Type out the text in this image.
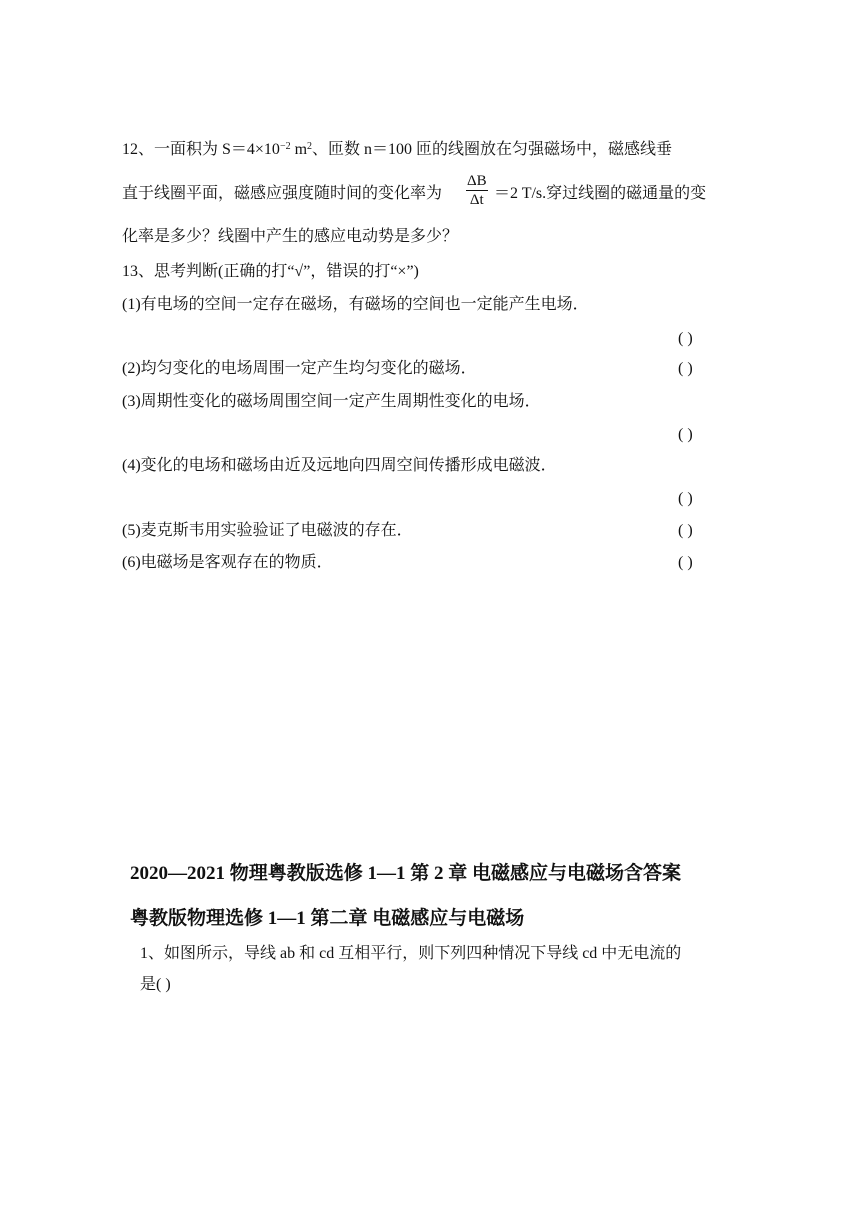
12、一面积为 $S=4\times 10^{-2}$ $m^2$、匝数 n＝100 匝的线圈放在匀强磁场中，磁感线垂
直于线圈平面，磁感应强度随时间的变化率为 $\frac{\Delta B}{\Delta t} =2$ T/s.穿过线圈的磁通量的变
化率是多少？线圈中产生的感应电动势是多少？
13、思考判断(正确的打“√”，错误的打“×”)
(1)有电场的空间一定存在磁场，有磁场的空间也一定能产生电场．
( )
(2)均匀变化的电场周围一定产生均匀变化的磁场．	( )
(3)周期性变化的磁场周围空间一定产生周期性变化的电场．
( )
(4)变化的电场和磁场由近及远地向四周空间传播形成电磁波．
( )
(5)麦克斯韦用实验验证了电磁波的存在．	( )
(6)电磁场是客观存在的物质．	( )
2020—2021 物理粤教版选修 1—1 第 2 章 电磁感应与电磁场含答案
粤教版物理选修 1—1 第二章 电磁感应与电磁场
1、如图所示，导线 ab 和 cd 互相平行，则下列四种情况下导线 cd 中无电流的
是( )
